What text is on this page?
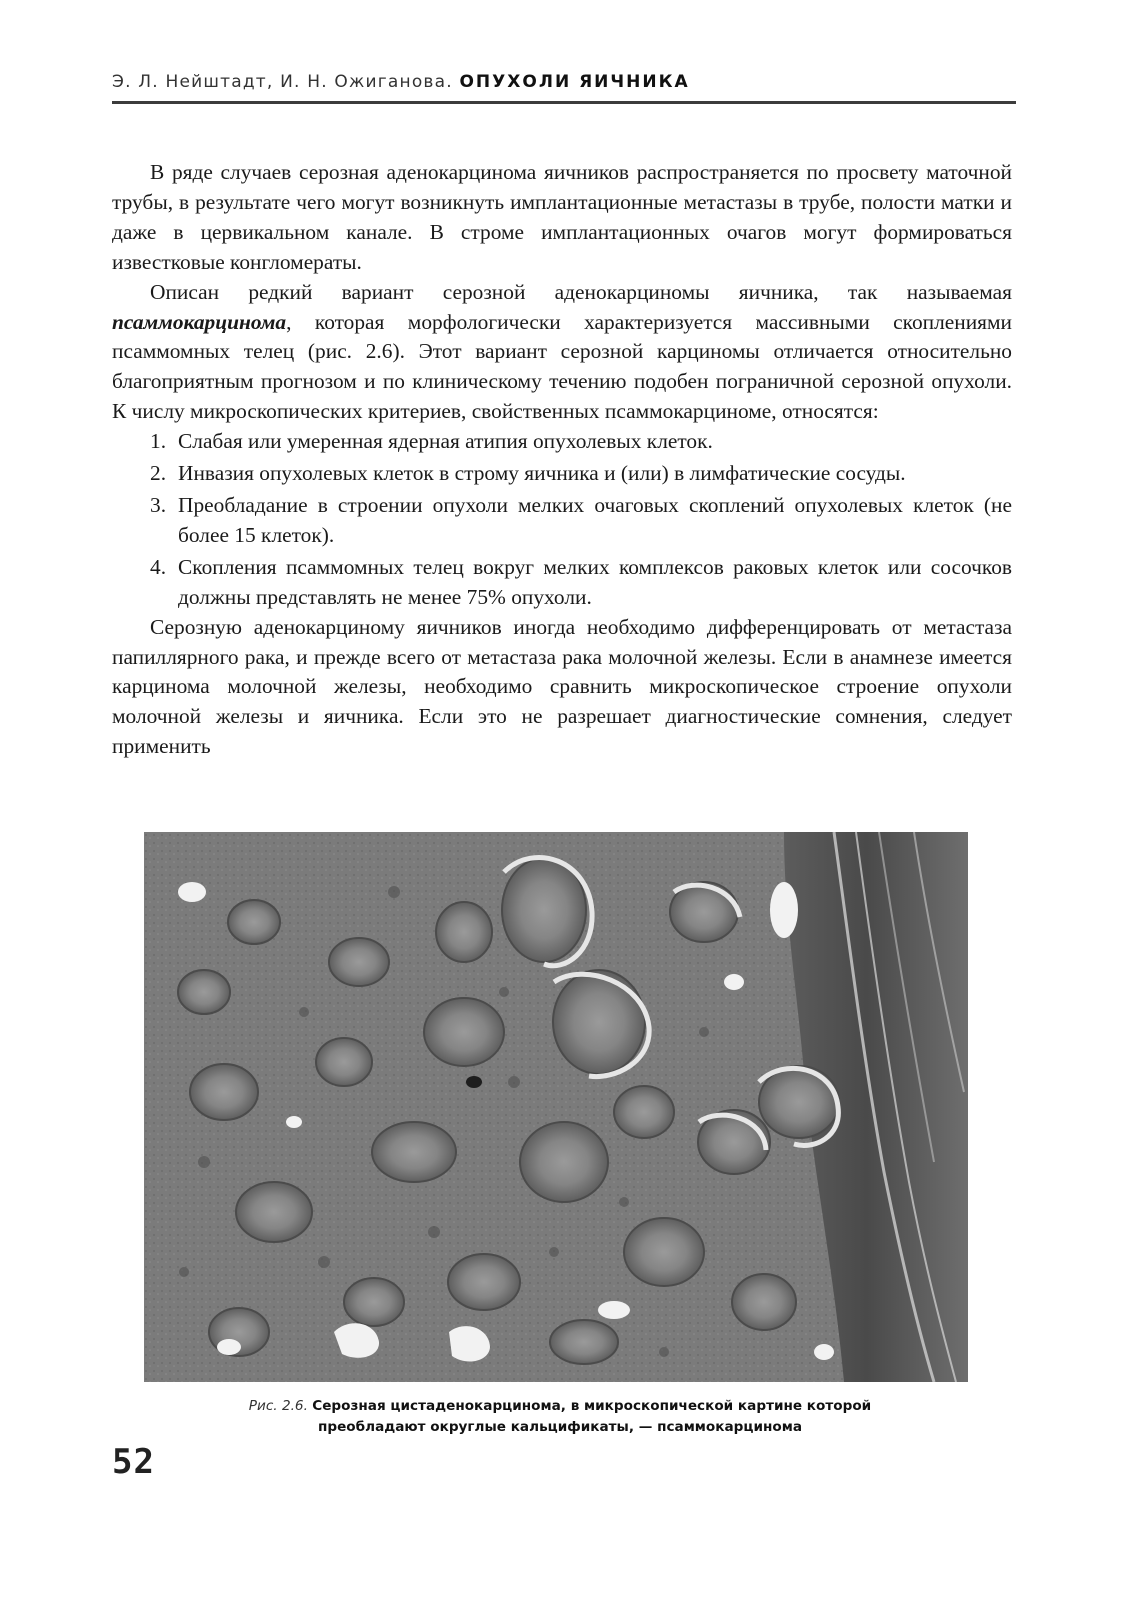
Э. Л. Нейштадт, И. Н. Ожиганова. ОПУХОЛИ ЯИЧНИКА

В ряде случаев серозная аденокарцинома яичников распространяется по просвету маточной трубы, в результате чего могут возникнуть имплантационные метастазы в трубе, полости матки и даже в цервикальном канале. В строме имплантационных очагов могут формироваться известковые конгломераты.

Описан редкий вариант серозной аденокарциномы яичника, так называемая псаммокарцинома, которая морфологически характеризуется массивными скоплениями псаммомных телец (рис. 2.6). Этот вариант серозной карциномы отличается относительно благоприятным прогнозом и по клиническому течению подобен пограничной серозной опухоли. К числу микроскопических критериев, свойственных псаммокарциноме, относятся:

1. Слабая или умеренная ядерная атипия опухолевых клеток.
2. Инвазия опухолевых клеток в строму яичника и (или) в лимфатические сосуды.
3. Преобладание в строении опухоли мелких очаговых скоплений опухолевых клеток (не более 15 клеток).
4. Скопления псаммомных телец вокруг мелких комплексов раковых клеток или сосочков должны представлять не менее 75% опухоли.

Серозную аденокарциному яичников иногда необходимо дифференцировать от метастаза папиллярного рака, и прежде всего от метастаза рака молочной железы. Если в анамнезе имеется карцинома молочной железы, необходимо сравнить микроскопическое строение опухоли молочной железы и яичника. Если это не разрешает диагностические сомнения, следует применить

Рис. 2.6. Серозная цистаденокарцинома, в микроскопической картине которой
преобладают округлые кальцификаты, — псаммокарцинома
52
